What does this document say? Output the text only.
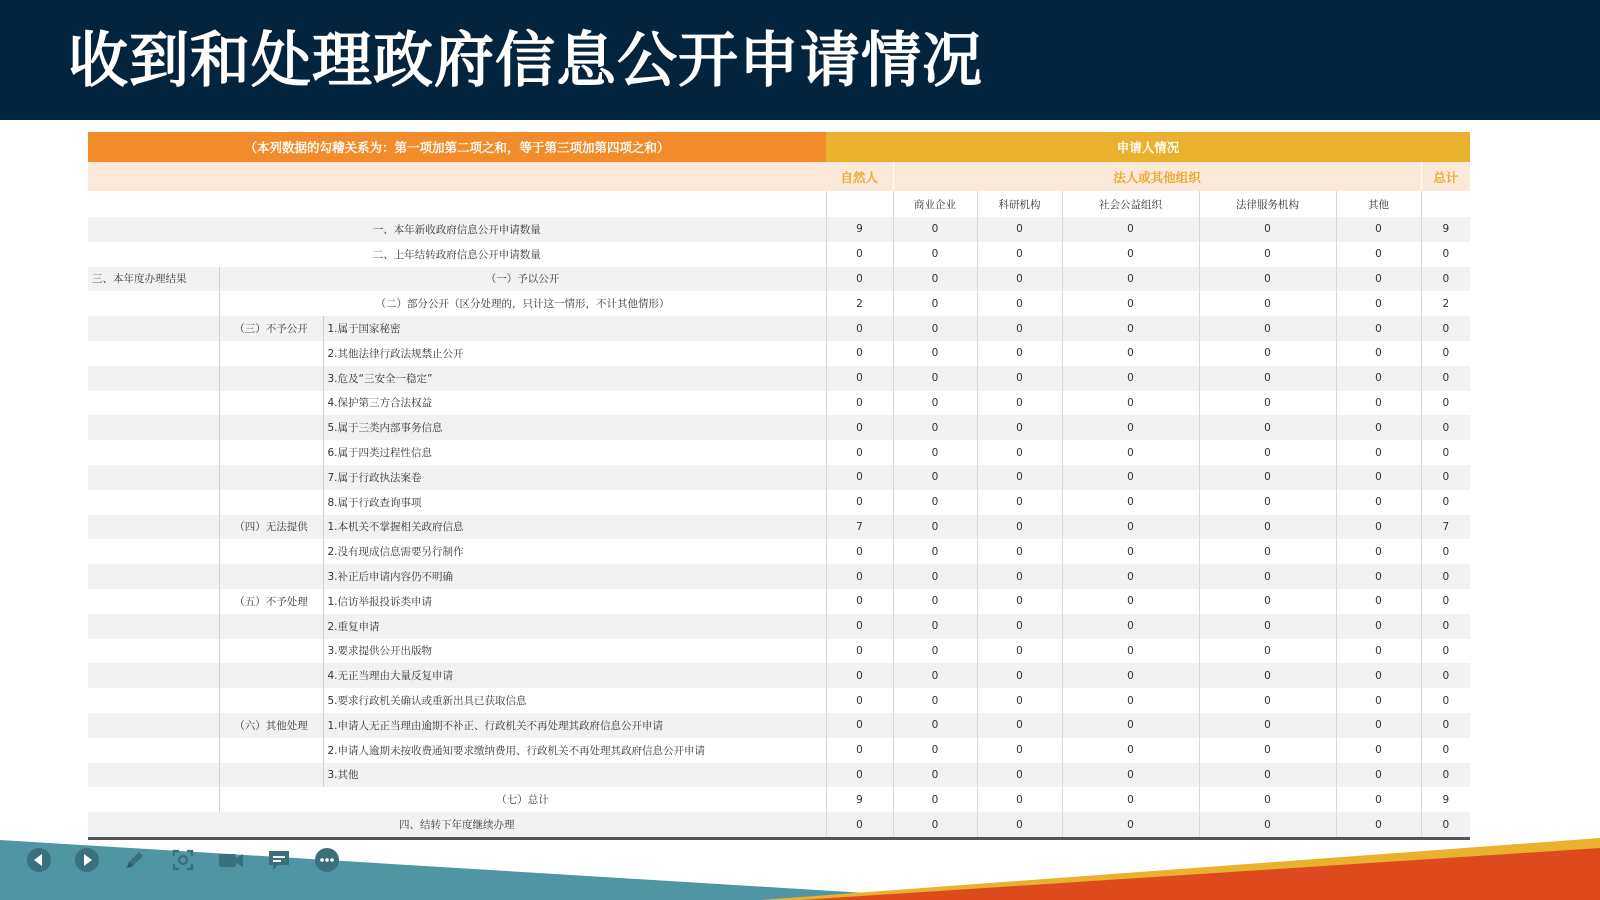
收到和处理政府信息公开申请情况
（本列数据的勾稽关系为：第一项加第二项之和，等于第三项加第四项之和）			申请人情况						
			自然人	法人或其他组织					总计
				商业企业	科研机构	社会公益组织	法律服务机构	其他	
一、本年新收政府信息公开申请数量			9	0	0	0	0	0	9
二、上年结转政府信息公开申请数量			0	0	0	0	0	0	0
三、本年度办理结果	（一）予以公开		0	0	0	0	0	0	0
	（二）部分公开（区分处理的，只计这一情形，不计其他情形）		2	0	0	0	0	0	2
	（三）不予公开	1.属于国家秘密	0	0	0	0	0	0	0
		2.其他法律行政法规禁止公开	0	0	0	0	0	0	0
		3.危及“三安全一稳定”	0	0	0	0	0	0	0
		4.保护第三方合法权益	0	0	0	0	0	0	0
		5.属于三类内部事务信息	0	0	0	0	0	0	0
		6.属于四类过程性信息	0	0	0	0	0	0	0
		7.属于行政执法案卷	0	0	0	0	0	0	0
		8.属于行政查询事项	0	0	0	0	0	0	0
	（四）无法提供	1.本机关不掌握相关政府信息	7	0	0	0	0	0	7
		2.没有现成信息需要另行制作	0	0	0	0	0	0	0
		3.补正后申请内容仍不明确	0	0	0	0	0	0	0
	（五）不予处理	1.信访举报投诉类申请	0	0	0	0	0	0	0
		2.重复申请	0	0	0	0	0	0	0
		3.要求提供公开出版物	0	0	0	0	0	0	0
		4.无正当理由大量反复申请	0	0	0	0	0	0	0
		5.要求行政机关确认或重新出具已获取信息	0	0	0	0	0	0	0
	（六）其他处理	1.申请人无正当理由逾期不补正、行政机关不再处理其政府信息公开申请	0	0	0	0	0	0	0
		2.申请人逾期未按收费通知要求缴纳费用、行政机关不再处理其政府信息公开申请	0	0	0	0	0	0	0
		3.其他	0	0	0	0	0	0	0
	（七）总计		9	0	0	0	0	0	9
四、结转下年度继续办理			0	0	0	0	0	0	0
